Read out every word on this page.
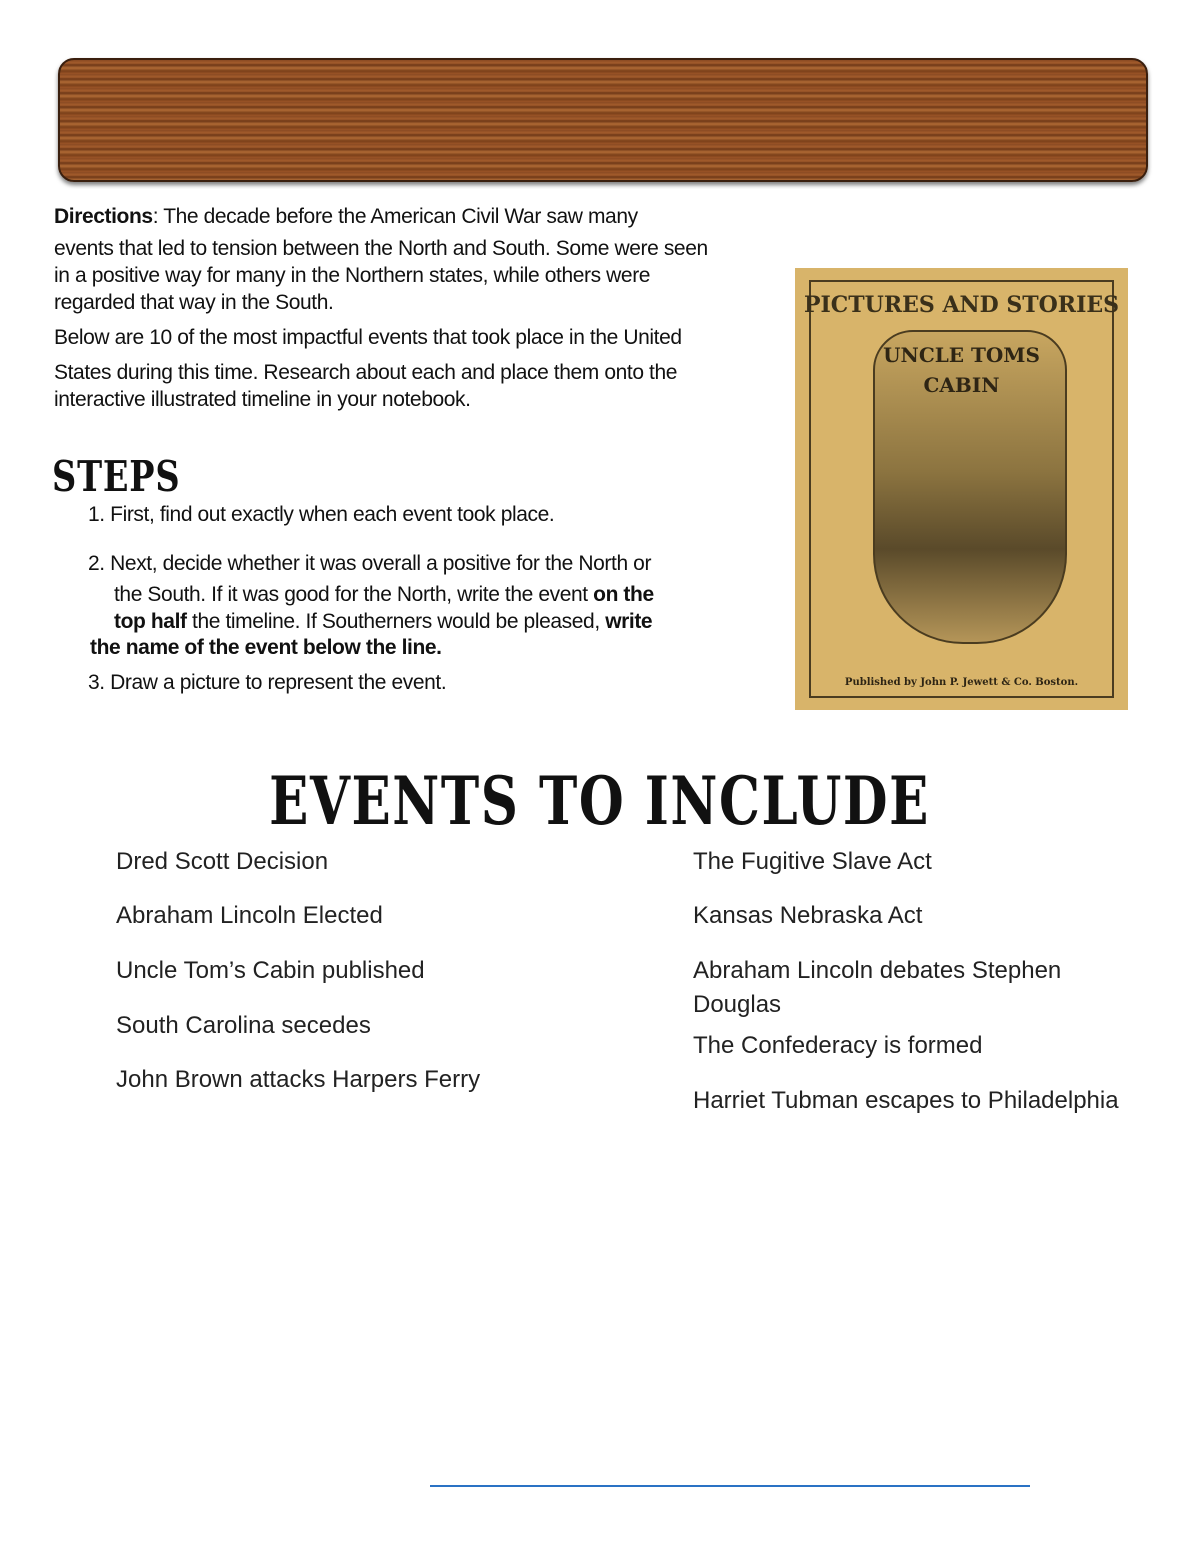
Directions: The decade before the American Civil War saw many
events that led to tension between the North and South. Some were seen
in a positive way for many in the Northern states, while others were
regarded that way in the South.
Below are 10 of the most impactful events that took place in the United
States during this time. Research about each and place them onto the
interactive illustrated timeline in your notebook.
STEPS
1. First, find out exactly when each event took place.
2. Next, decide whether it was overall a positive for the North or
the South. If it was good for the North, write the event on the
top half the timeline. If Southerners would be pleased, write
the name of the event below the line.
3. Draw a picture to represent the event.
PICTURES AND STORIES
UNCLE TOMS
CABIN
Published by John P. Jewett & Co. Boston.
EVENTS TO INCLUDE
Dred Scott Decision
Abraham Lincoln Elected
Uncle Tom’s Cabin published
South Carolina secedes
John Brown attacks Harpers Ferry
The Fugitive Slave Act
Kansas Nebraska Act
Abraham Lincoln debates Stephen
Douglas
The Confederacy is formed
Harriet Tubman escapes to Philadelphia
